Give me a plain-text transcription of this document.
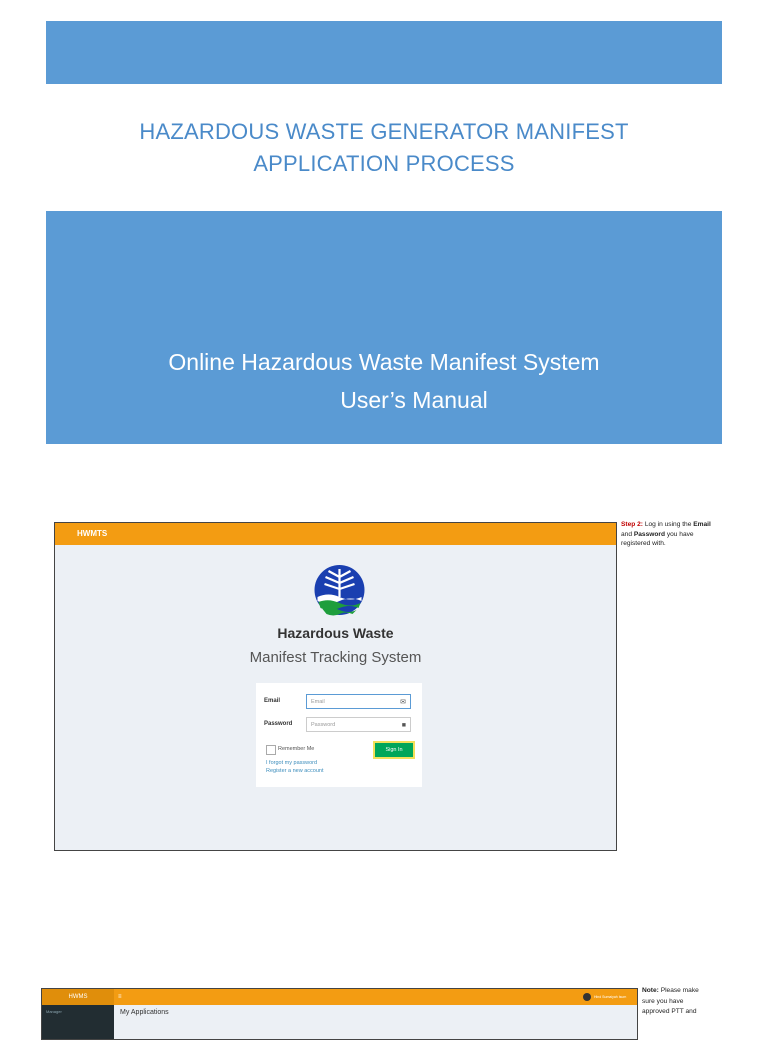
HAZARDOUS WASTE GENERATOR MANIFEST
APPLICATION PROCESS
Online Hazardous Waste Manifest System
User’s Manual
HWMTS
Hazardous Waste
Manifest Tracking System
Email	Email	✉
Password	Password	■
Remember Me	Sign In
I forgot my password
Register a new account
Step 2: Log in using the Email and Password you have registered with.
HWMS	≡	Hind Sumaiyah Isum
Manager	My Applications
Note: Please make sure you have approved PTT and
